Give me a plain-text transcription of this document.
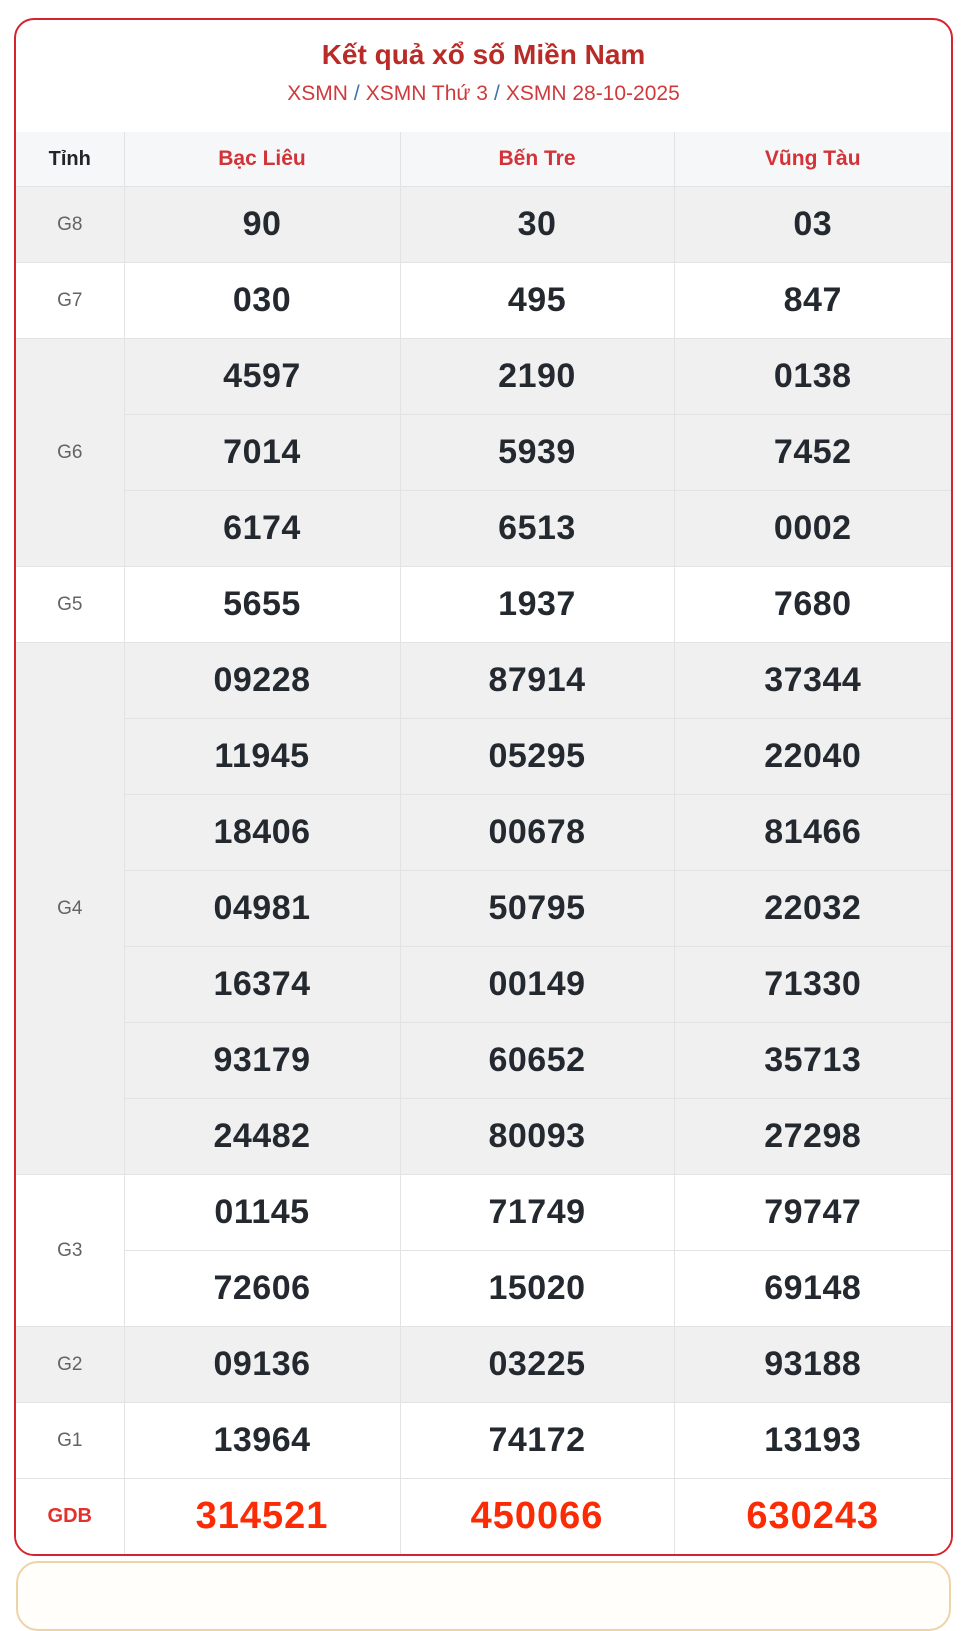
Kết quả xổ số Miền Nam
XSMN / XSMN Thứ 3 / XSMN 28-10-2025
Tỉnh	Bạc Liêu	Bến Tre	Vũng Tàu
G8	90	30	03
G7	030	495	847
G6	4597	2190	0138
	7014	5939	7452
	6174	6513	0002
G5	5655	1937	7680
G4	09228	87914	37344
	11945	05295	22040
	18406	00678	81466
	04981	50795	22032
	16374	00149	71330
	93179	60652	35713
	24482	80093	27298
G3	01145	71749	79747
	72606	15020	69148
G2	09136	03225	93188
G1	13964	74172	13193
GDB	314521	450066	630243
